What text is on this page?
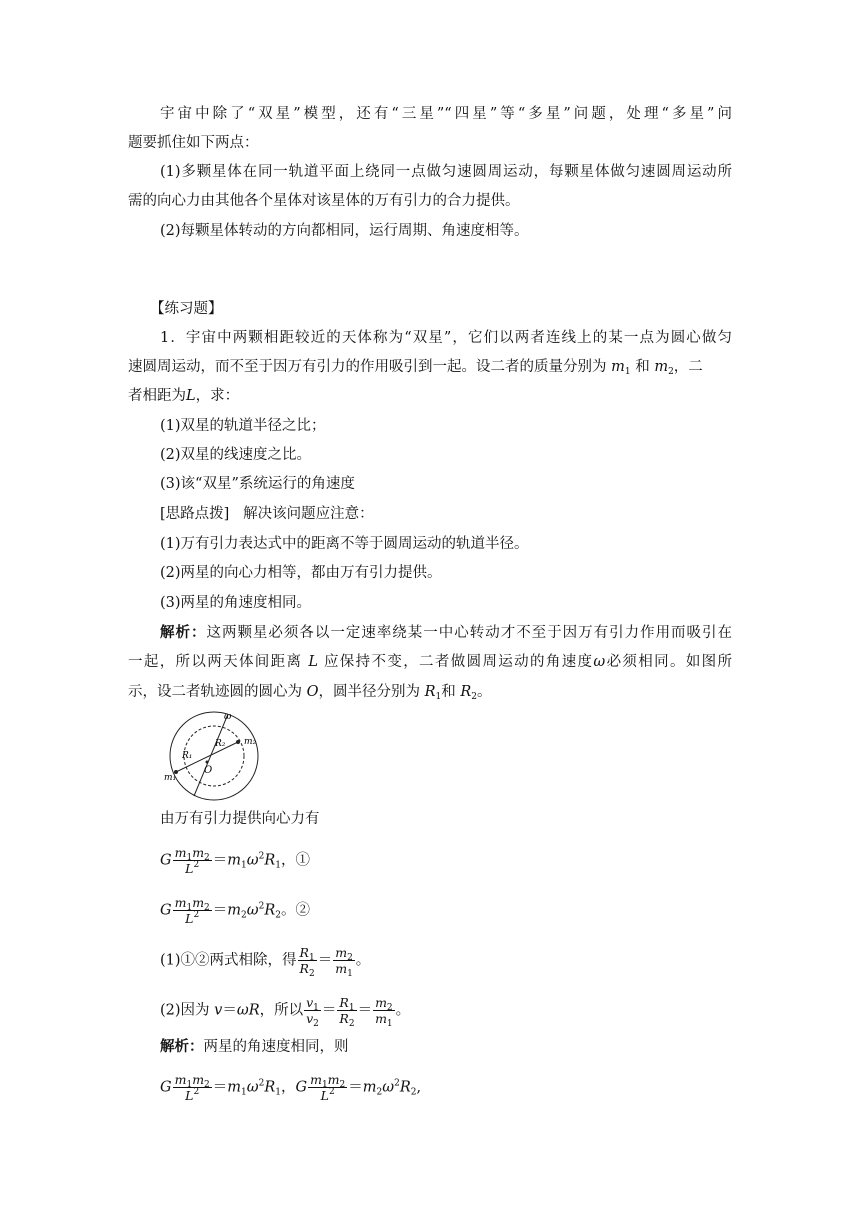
宇宙中除了“双星”模型，还有“三星”“四星”等“多星”问题，处理“多星”问
题要抓住如下两点：
(1)多颗星体在同一轨道平面上绕同一点做匀速圆周运动，每颗星体做匀速圆周运动所
需的向心力由其他各个星体对该星体的万有引力的合力提供。
(2)每颗星体转动的方向都相同，运行周期、角速度相等。
【练习题】
1．宇宙中两颗相距较近的天体称为“双星”，它们以两者连线上的某一点为圆心做匀
速圆周运动，而不至于因万有引力的作用吸引到一起。设二者的质量分别为 $m_1$ 和 $m_2$，二
者相距为L，求：
(1)双星的轨道半径之比；
(2)双星的线速度之比。
(3)该“双星”系统运行的角速度
[思路点拨] 解决该问题应注意：
(1)万有引力表达式中的距离不等于圆周运动的轨道半径。
(2)两星的向心力相等，都由万有引力提供。
(3)两星的角速度相同。
解析：这两颗星必须各以一定速率绕某一中心转动才不至于因万有引力作用而吸引在
一起，所以两天体间距离 L 应保持不变，二者做圆周运动的角速度ω必须相同。如图所
示，设二者轨迹圆的圆心为 O，圆半径分别为 $R_1$和 $R_2$。
ω
R₁
R₂
O
m₁
m₂
由万有引力提供向心力有
G $\frac{m_1m_2}{L^2} =m_1\omega^2R_1$，①
G $\frac{m_1m_2}{L^2} =m_2\omega^2R_2$。②
(1)①②两式相除，得 $\frac{R_1}{R_2} = \frac{m_2}{m_1}$ 。
(2)因为 v＝ωR，所以 $\frac{v_1}{v_2} = \frac{R_1}{R_2} = \frac{m_2}{m_1}$ 。
解析：两星的角速度相同，则
G $\frac{m_1m_2}{L^2} =m_1\omega^2R_1$，G $\frac{m_1m_2}{L^2} =m_2\omega^2R_2$,
